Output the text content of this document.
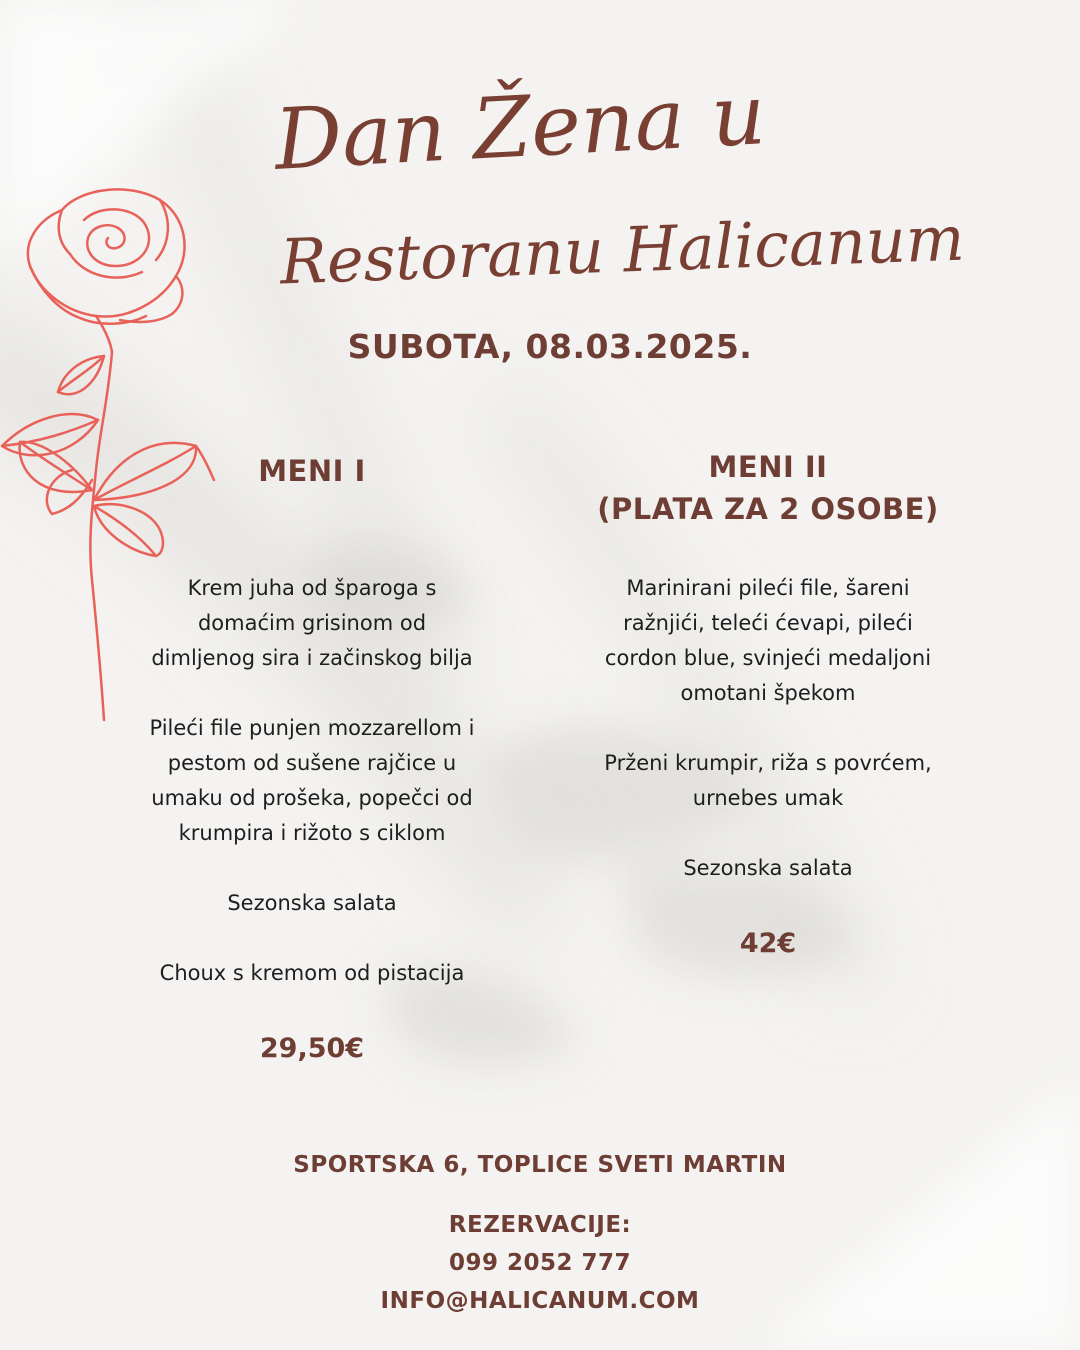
Dan Žena u
Restoranu Halicanum

SUBOTA, 08.03.2025.

MENI I

Krem juha od šparoga s
domaćim grisinom od
dimljenog sira i začinskog bilja

Pileći file punjen mozzarellom i
pestom od sušene rajčice u
umaku od prošeka, popečci od
krumpira i rižoto s ciklom

Sezonska salata

Choux s kremom od pistacija

29,50€

MENI II
(PLATA ZA 2 OSOBE)

Marinirani pileći file, šareni
ražnjići, teleći ćevapi, pileći
cordon blue, svinjeći medaljoni
omotani špekom

Prženi krumpir, riža s povrćem,
urnebes umak

Sezonska salata

42€

SPORTSKA 6, TOPLICE SVETI MARTIN

REZERVACIJE:

099 2052 777

INFO@HALICANUM.COM
